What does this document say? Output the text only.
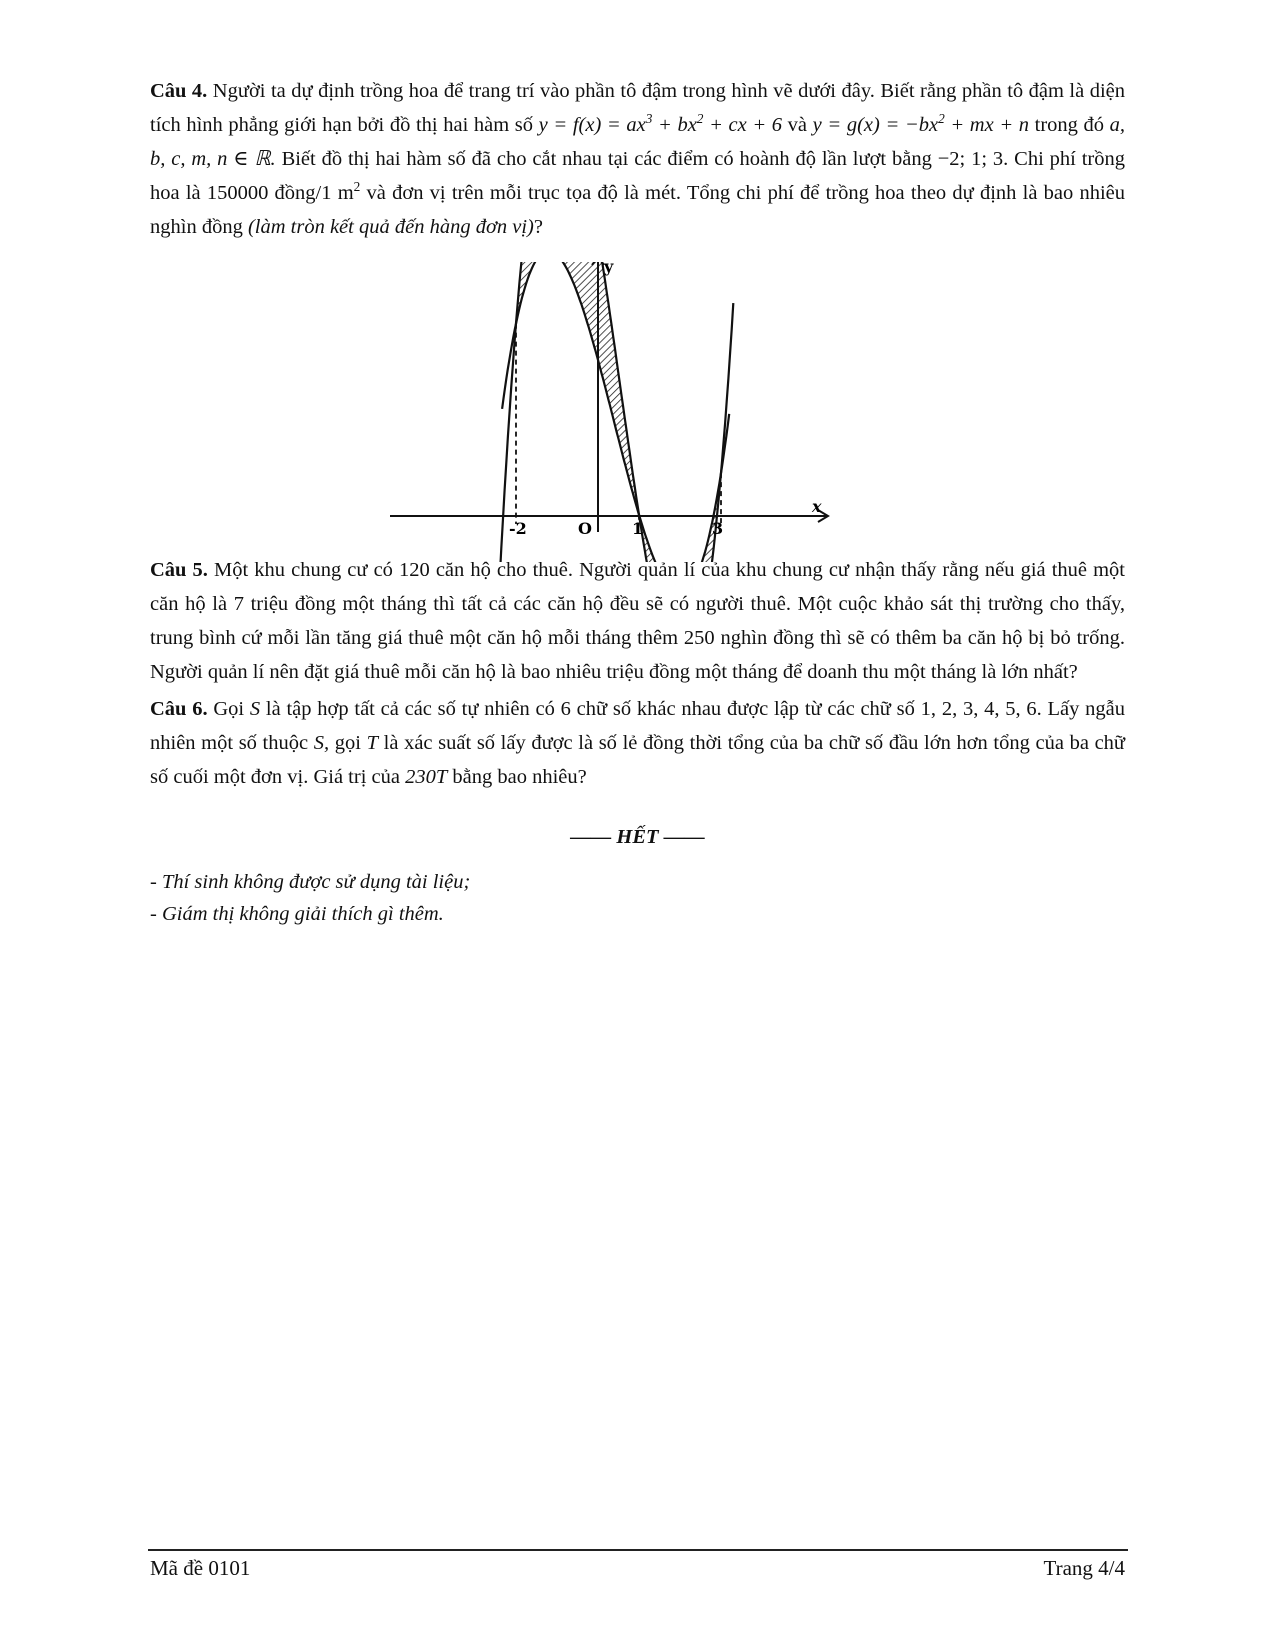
Câu 4. Người ta dự định trồng hoa để trang trí vào phần tô đậm trong hình vẽ dưới đây. Biết rằng phần tô đậm là diện tích hình phẳng giới hạn bởi đồ thị hai hàm số $y = f(x) = ax^3 + bx^2$ + cx + 6 và $y = g(x) = -bx^2$ + mx + n trong đó a, b, c, m, n ∈ ℝ. Biết đồ thị hai hàm số đã cho cắt nhau tại các điểm có hoành độ lần lượt bằng −2; 1; 3. Chi phí trồng hoa là 150000 đồng/1 $m^2$ và đơn vị trên mỗi trục tọa độ là mét. Tổng chi phí để trồng hoa theo dự định là bao nhiêu nghìn đồng (làm tròn kết quả đến hàng đơn vị)?
y
x
-2	O	1	3
Câu 5. Một khu chung cư có 120 căn hộ cho thuê. Người quản lí của khu chung cư nhận thấy rằng nếu giá thuê một căn hộ là 7 triệu đồng một tháng thì tất cả các căn hộ đều sẽ có người thuê. Một cuộc khảo sát thị trường cho thấy, trung bình cứ mỗi lần tăng giá thuê một căn hộ mỗi tháng thêm 250 nghìn đồng thì sẽ có thêm ba căn hộ bị bỏ trống. Người quản lí nên đặt giá thuê mỗi căn hộ là bao nhiêu triệu đồng một tháng để doanh thu một tháng là lớn nhất?
Câu 6. Gọi S là tập hợp tất cả các số tự nhiên có 6 chữ số khác nhau được lập từ các chữ số 1, 2, 3, 4, 5, 6. Lấy ngẫu nhiên một số thuộc S, gọi T là xác suất số lấy được là số lẻ đồng thời tổng của ba chữ số đầu lớn hơn tổng của ba chữ số cuối một đơn vị. Giá trị của 230T bằng bao nhiêu?
—— HẾT ——
- Thí sinh không được sử dụng tài liệu;
- Giám thị không giải thích gì thêm.
Mã đề 0101	Trang 4/4
